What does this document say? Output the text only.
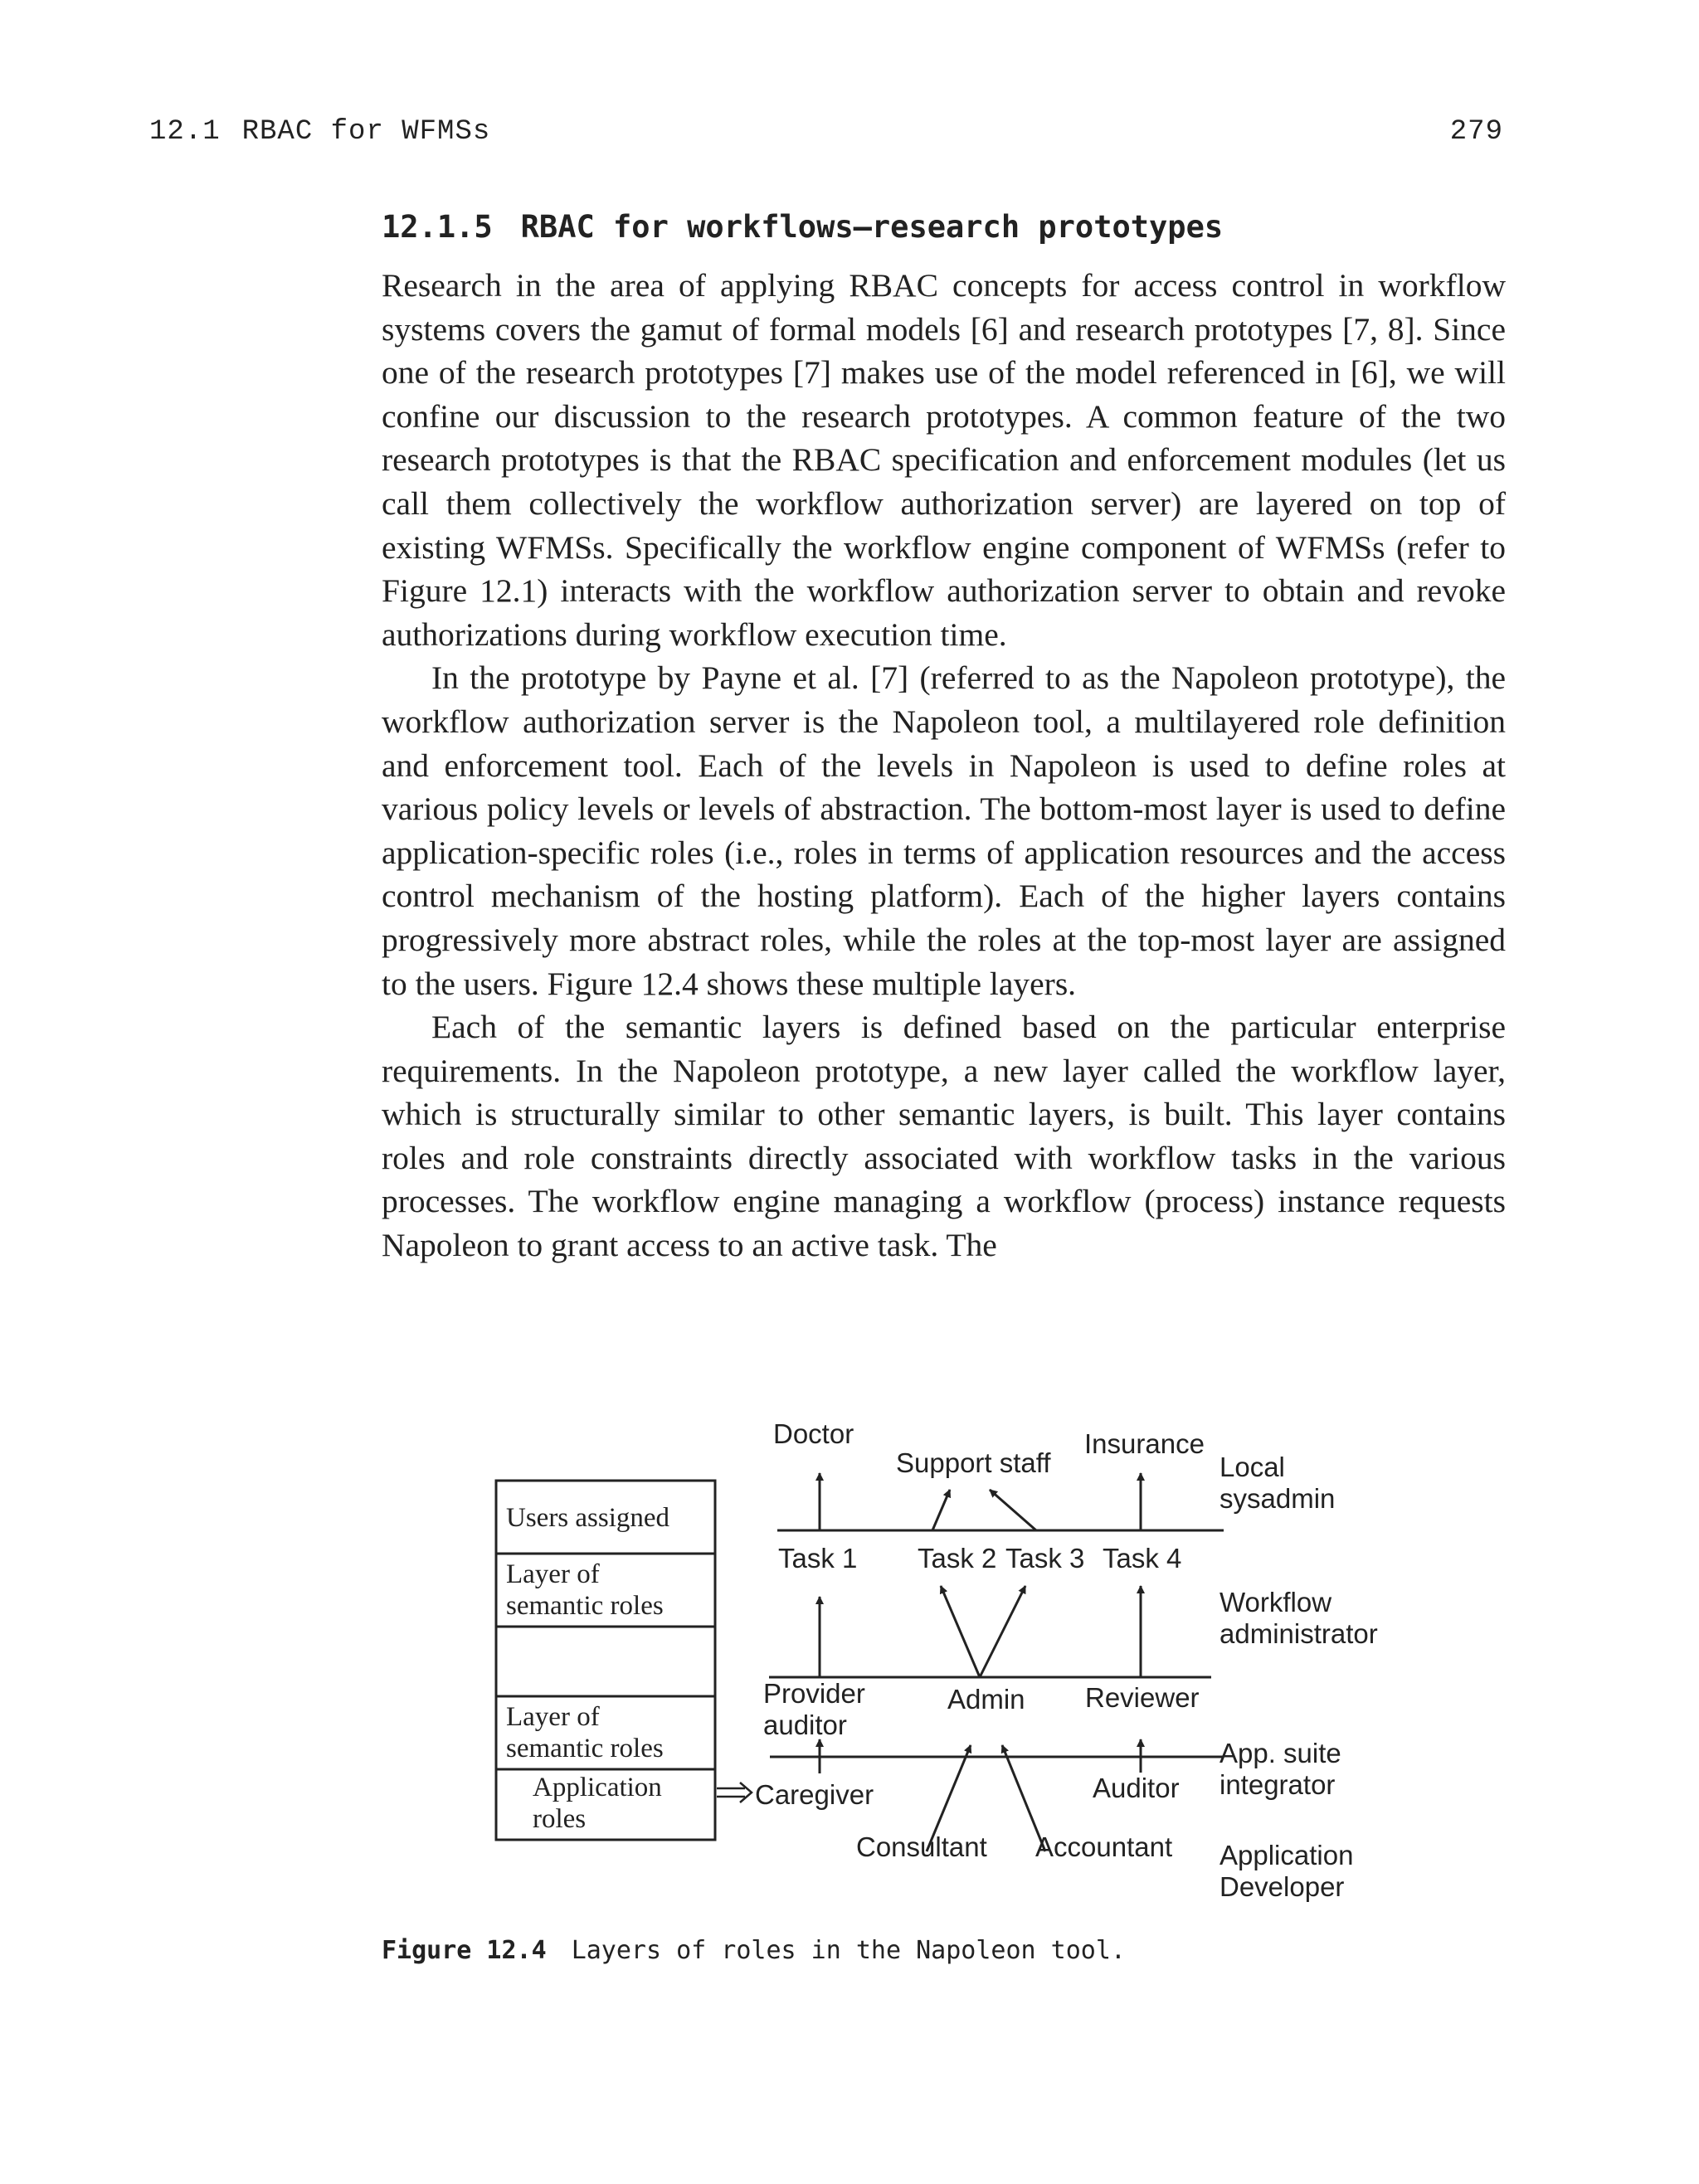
12.1 RBAC for WFMSs	279
12.1.5 RBAC for workflows—research prototypes

Research in the area of applying RBAC concepts for access control in workflow systems covers the gamut of formal models [6] and research prototypes [7, 8]. Since one of the research prototypes [7] makes use of the model referenced in [6], we will confine our discussion to the research prototypes. A common feature of the two research prototypes is that the RBAC specification and enforcement modules (let us call them collectively the workflow authorization server) are layered on top of existing WFMSs. Specifically the workflow engine component of WFMSs (refer to Figure 12.1) interacts with the workflow authorization server to obtain and revoke authorizations during workflow execution time.

In the prototype by Payne et al. [7] (referred to as the Napoleon prototype), the workflow authorization server is the Napoleon tool, a multilayered role definition and enforcement tool. Each of the levels in Napoleon is used to define roles at various policy levels or levels of abstraction. The bottom-most layer is used to define application-specific roles (i.e., roles in terms of application resources and the access control mechanism of the hosting platform). Each of the higher layers contains progressively more abstract roles, while the roles at the top-most layer are assigned to the users. Figure 12.4 shows these multiple layers.

Each of the semantic layers is defined based on the particular enterprise requirements. In the Napoleon prototype, a new layer called the workflow layer, which is structurally similar to other semantic layers, is built. This layer contains roles and role constraints directly associated with workflow tasks in the various processes. The workflow engine managing a workflow (process) instance requests Napoleon to grant access to an active task. The

Users assigned
Layer of
semantic roles
Layer of
semantic roles
Application
roles
Doctor
Support staff
Insurance
Task 1 Task 2 Task 3 Task 4
Provider
auditor
Admin Reviewer
Caregiver	Auditor
Consultant Accountant
Local
sysadmin
Workflow
administrator
App. suite
integrator
Application
Developer
Figure 12.4 Layers of roles in the Napoleon tool.
